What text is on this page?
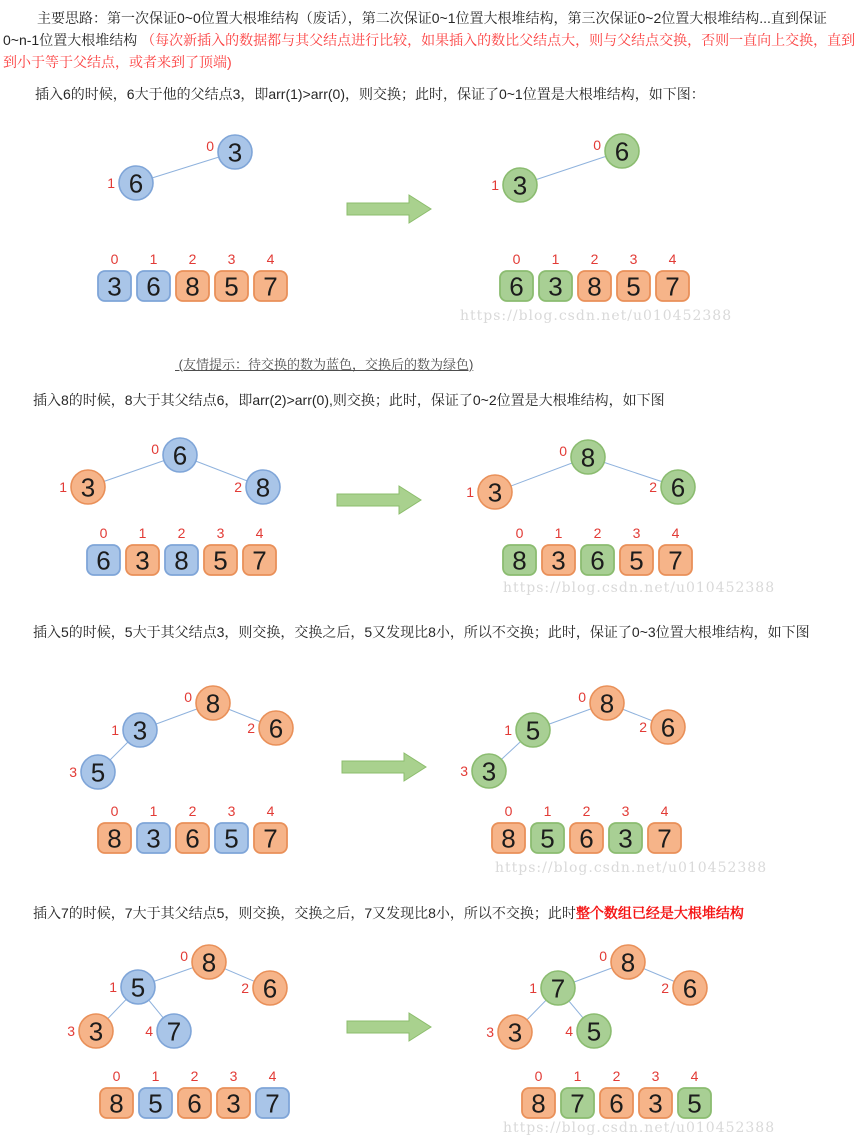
主要思路：第一次保证0~0位置大根堆结构（废话），第二次保证0~1位置大根堆结构，第三次保证0~2位置大根堆结构...直到保证
0~n-1位置大根堆结构 （每次新插入的数据都与其父结点进行比较，如果插入的数比父结点大，则与父结点交换，否则一直向上交换，直到
到小于等于父结点，或者来到了顶端)
插入6的时候，6大于他的父结点3，即arr(1)>arr(0)，则交换；此时，保证了0~1位置是大根堆结构，如下图：
3
0
6
1
3
0
6
1
8
2
5
3
7
4
6
0
3
1
6
0
3
1
8
2
5
3
7
4
https://blog.csdn.net/u010452388
(友情提示：待交换的数为蓝色，交换后的数为绿色)
插入8的时候，8大于其父结点6，即arr(2)>arr(0),则交换；此时，保证了0~2位置是大根堆结构，如下图
6
0
3
1	8
2
6
0
3
1
8
2
5
3
7
4
8
0
3
1	6
2
8
0
3
1
6
2
5
3
7
4
https://blog.csdn.net/u010452388
插入5的时候，5大于其父结点3，则交换，交换之后，5又发现比8小，所以不交换；此时，保证了0~3位置大根堆结构，如下图
8
0
3
1	6
2
5
3
8
0
3
1
6
2
5
3
7
4
8
0
5
1	6
2
3
3
8
0
5
1
6
2
3
3
7
4
https://blog.csdn.net/u010452388
插入7的时候，7大于其父结点5，则交换，交换之后，7又发现比8小，所以不交换；此时整个数组已经是大根堆结构
8
0
5
1	6
2
3
3	7
4
8
0
5
1
6
2
3
3
7
4
8
0
7
1	6
2
3
3	5
4
8
0
7
1
6
2
3
3
5
4
https://blog.csdn.net/u010452388
